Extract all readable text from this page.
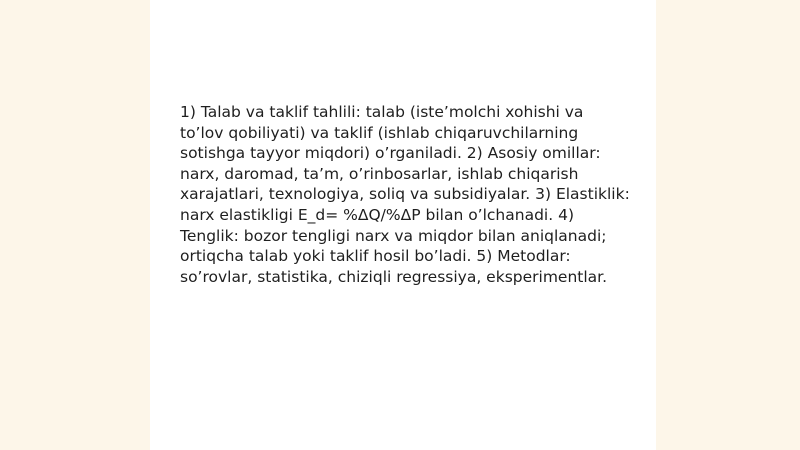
1) Talab va taklif tahlili: talab (iste’molchi xohishi va to’lov qobiliyati) va taklif (ishlab chiqaruvchilarning sotishga tayyor miqdori) o’rganiladi. 2) Asosiy omillar: narx, daromad, ta’m, o’rinbosarlar, ishlab chiqarish xarajatlari, texnologiya, soliq va subsidiyalar. 3) Elastiklik: narx elastikligi E_d= %ΔQ/%ΔP bilan o’lchanadi. 4) Tenglik: bozor tengligi narx va miqdor bilan aniqlanadi; ortiqcha talab yoki taklif hosil bo’ladi. 5) Metodlar: so’rovlar, statistika, chiziqli regressiya, eksperimentlar.
